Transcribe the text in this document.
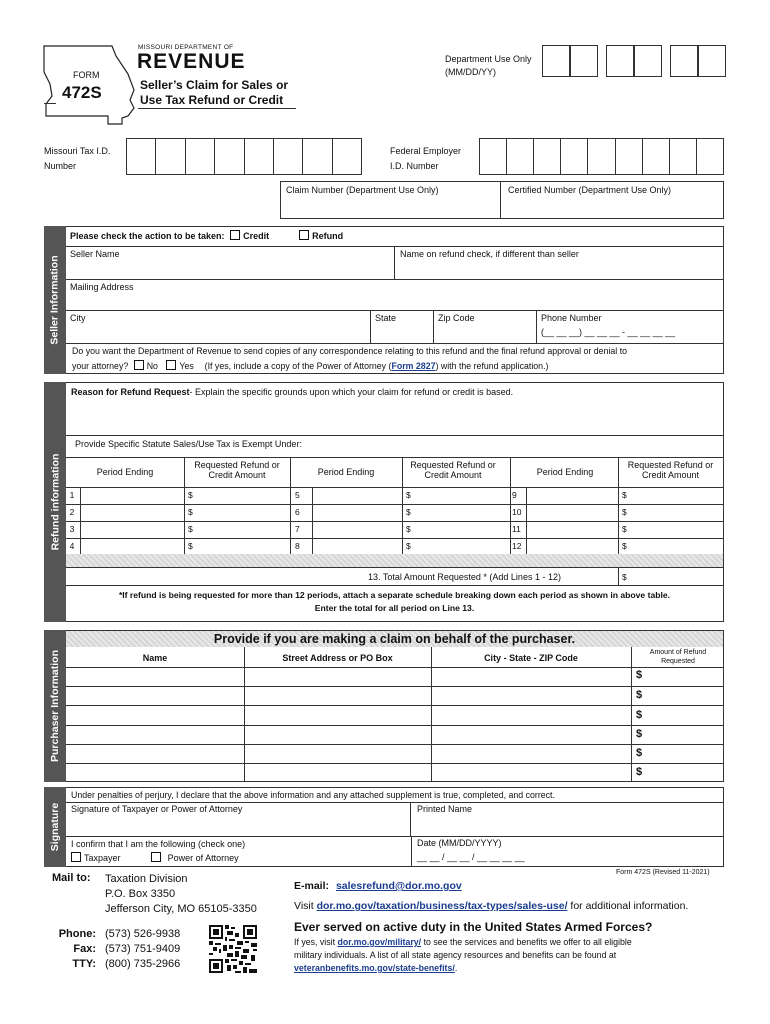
FORM
472S
MISSOURI DEPARTMENT OF
REVENUE
Seller’s Claim for Sales or
Use Tax Refund or Credit
Department Use Only
(MM/DD/YY)
Missouri Tax I.D.
Number
Federal Employer
I.D. Number
Claim Number (Department Use Only)	Certified Number (Department Use Only)
Seller Information
Please check the action to be taken: Credit	Refund
Seller Name	Name on refund check, if different than seller
Mailing Address
City	State	Zip Code	Phone Number
(__ __ __) __ __ __ - __ __ __ __
Do you want the Department of Revenue to send copies of any correspondence relating to this refund and the final refund approval or denial to
your attorney? No Yes (If yes, include a copy of the Power of Attorney (Form 2827) with the refund application.)
Refund information
Reason for Refund Request- Explain the specific grounds upon which your claim for refund or credit is based.
Provide Specific Statute Sales/Use Tax is Exempt Under:
Period Ending
Requested Refund or Credit Amount	Period Ending
Requested Refund or Credit Amount	Period Ending
Requested Refund or Credit Amount
1	$	5	$	9	$
2	$	6	$	10	$
3	$	7	$	11	$
4	$	8	$	12	$
13. Total Amount Requested * (Add Lines 1 - 12)	$
*If refund is being requested for more than 12 periods, attach a separate schedule breaking down each period as shown in above table.
Enter the total for all period on Line 13.
Purchaser Information
Provide if you are making a claim on behalf of the purchaser.
Name	Street Address or PO Box	City - State - ZIP Code
Amount of Refund Requested
$
$
$
$
$
$
Signature
Under penalties of perjury, I declare that the above information and any attached supplement is true, completed, and correct.
Signature of Taxpayer or Power of Attorney	Printed Name
I confirm that I am the following (check one)
Taxpayer	Power of Attorney
Date (MM/DD/YYYY)
__ __ / __ __ / __ __ __ __
Form 472S (Revised 11-2021)
Mail to: Taxation Division
P.O. Box 3350
Jefferson City, MO 65105-3350
Phone:
Fax:
TTY:
(573) 526-9938
(573) 751-9409
(800) 735-2966
E-mail: salesrefund@dor.mo.gov
Visit dor.mo.gov/taxation/business/tax-types/sales-use/ for additional information.
Ever served on active duty in the United States Armed Forces?
If yes, visit dor.mo.gov/military/ to see the services and benefits we offer to all eligible
military individuals. A list of all state agency resources and benefits can be found at
veteranbenefits.mo.gov/state-benefits/.
